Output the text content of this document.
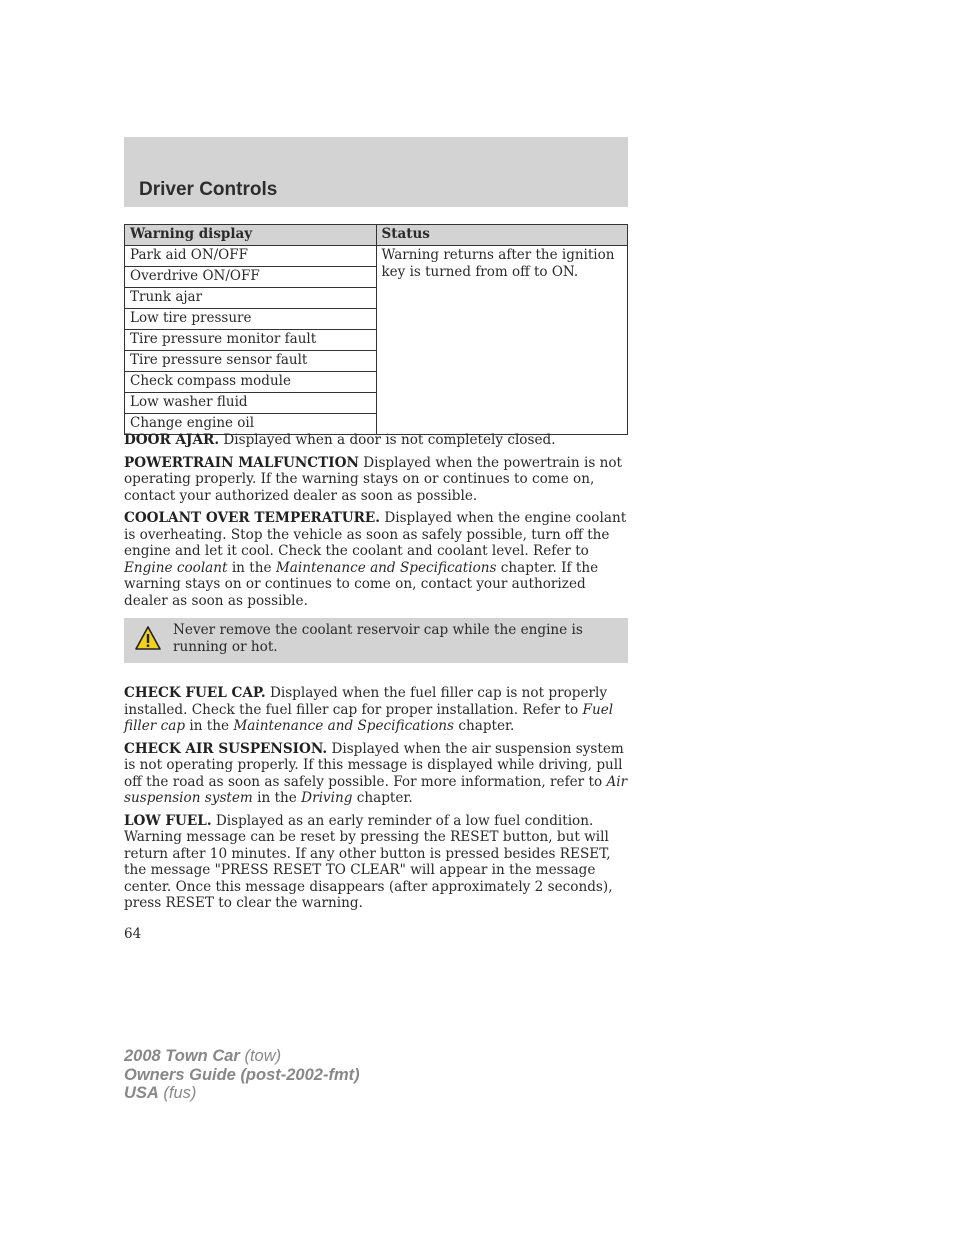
Driver Controls
Warning display	Status
Park aid ON/OFF	Warning returns after the ignition key is turned from off to ON.
Overdrive ON/OFF	
Trunk ajar	
Low tire pressure	
Tire pressure monitor fault	
Tire pressure sensor fault	
Check compass module	
Low washer fluid	
Change engine oil	

DOOR AJAR. Displayed when a door is not completely closed.

POWERTRAIN MALFUNCTION Displayed when the powertrain is not operating properly. If the warning stays on or continues to come on, contact your authorized dealer as soon as possible.

COOLANT OVER TEMPERATURE. Displayed when the engine coolant is overheating. Stop the vehicle as soon as safely possible, turn off the engine and let it cool. Check the coolant and coolant level. Refer to Engine coolant in the Maintenance and Specifications chapter. If the warning stays on or continues to come on, contact your authorized dealer as soon as possible.

Never remove the coolant reservoir cap while the engine is running or hot.

CHECK FUEL CAP. Displayed when the fuel filler cap is not properly installed. Check the fuel filler cap for proper installation. Refer to Fuel filler cap in the Maintenance and Specifications chapter.

CHECK AIR SUSPENSION. Displayed when the air suspension system is not operating properly. If this message is displayed while driving, pull off the road as soon as safely possible. For more information, refer to Air suspension system in the Driving chapter.

LOW FUEL. Displayed as an early reminder of a low fuel condition. Warning message can be reset by pressing the RESET button, but will return after 10 minutes. If any other button is pressed besides RESET, the message "PRESS RESET TO CLEAR" will appear in the message center. Once this message disappears (after approximately 2 seconds), press RESET to clear the warning.

64
2008 Town Car (tow)
Owners Guide (post-2002-fmt)
USA (fus)
